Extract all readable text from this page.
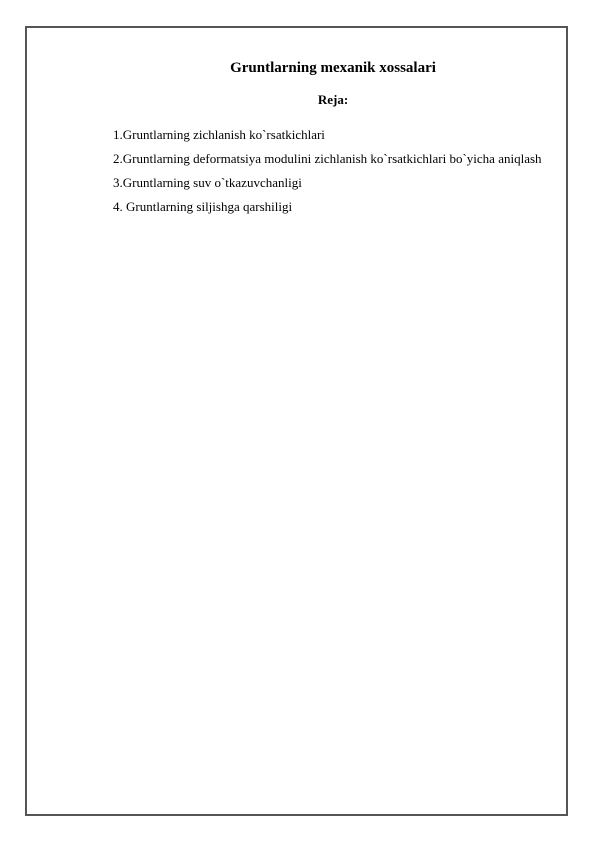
Gruntlarning mexanik xossalari
Reja:
1.Gruntlarning zichlanish ko`rsatkichlari
2.Gruntlarning deformatsiya modulini zichlanish ko`rsatkichlari bo`yicha aniqlash
3.Gruntlarning suv o`tkazuvchanligi
4. Gruntlarning siljishga qarshiligi
